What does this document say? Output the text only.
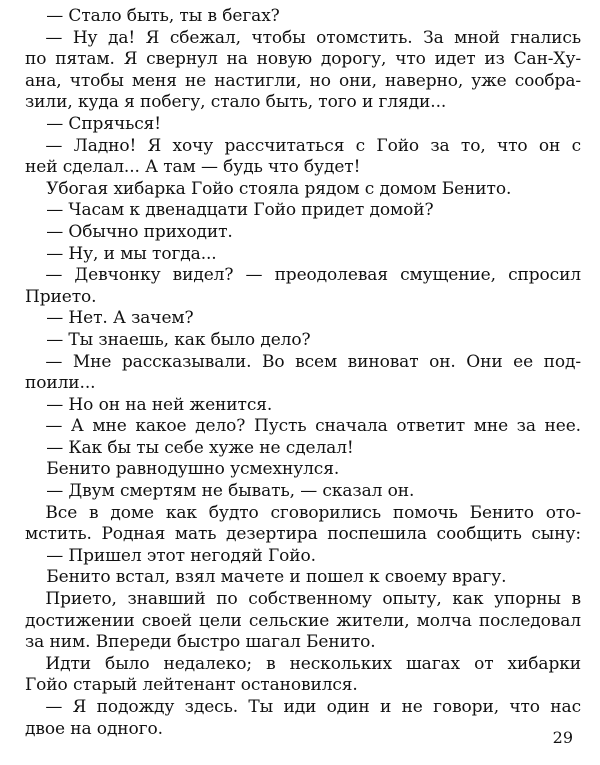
— Стало быть, ты в бегах?
— Ну да! Я сбежал, чтобы отомстить. За мной гнались
по пятам. Я свернул на новую дорогу, что идет из Сан-Ху-
ана, чтобы меня не настигли, но они, наверно, уже сообра-
зили, куда я побегу, стало быть, того и гляди...
— Спрячься!
— Ладно! Я хочу рассчитаться с Гойо за то, что он с
ней сделал... А там — будь что будет!
Убогая хибарка Гойо стояла рядом с домом Бенито.
— Часам к двенадцати Гойо придет домой?
— Обычно приходит.
— Ну, и мы тогда...
— Девчонку видел? — преодолевая смущение, спросил
Прието.
— Нет. А зачем?
— Ты знаешь, как было дело?
— Мне рассказывали. Во всем виноват он. Они ее под-
поили...
— Но он на ней женится.
— А мне какое дело? Пусть сначала ответит мне за нее.
— Как бы ты себе хуже не сделал!
Бенито равнодушно усмехнулся.
— Двум смертям не бывать, — сказал он.
Все в доме как будто сговорились помочь Бенито ото-
мстить. Родная мать дезертира поспешила сообщить сыну:
— Пришел этот негодяй Гойо.
Бенито встал, взял мачете и пошел к своему врагу.
Прието, знавший по собственному опыту, как упорны в
достижении своей цели сельские жители, молча последовал
за ним. Впереди быстро шагал Бенито.
Идти было недалеко; в нескольких шагах от хибарки
Гойо старый лейтенант остановился.
— Я подожду здесь. Ты иди один и не говори, что нас
двое на одного.	29
